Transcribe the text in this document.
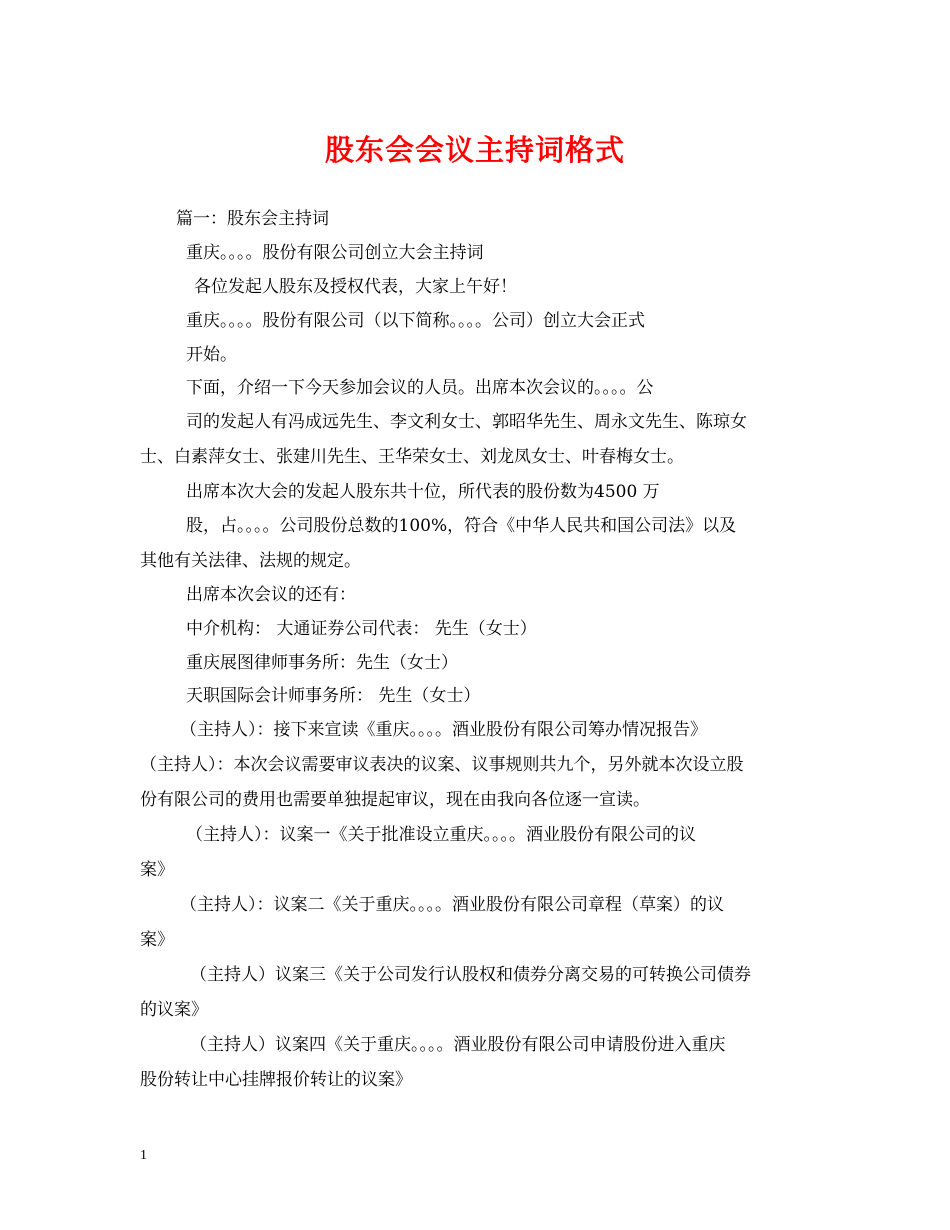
股东会会议主持词格式
篇一：股东会主持词
重庆。。。。股份有限公司创立大会主持词
各位发起人股东及授权代表，大家上午好！
重庆。。。。股份有限公司（以下简称。。。。公司）创立大会正式
开始。
下面，介绍一下今天参加会议的人员。出席本次会议的。。。。公
司的发起人有冯成远先生、李文利女士、郭昭华先生、周永文先生、陈琼女
士、白素萍女士、张建川先生、王华荣女士、刘龙凤女士、叶春梅女士。
出席本次大会的发起人股东共十位，所代表的股份数为4500 万
股，占。。。。公司股份总数的100%，符合《中华人民共和国公司法》以及
其他有关法律、法规的规定。
出席本次会议的还有：
中介机构： 大通证券公司代表： 先生（女士）
重庆展图律师事务所：先生（女士）
天职国际会计师事务所： 先生（女士）
（主持人）：接下来宣读《重庆。。。。酒业股份有限公司筹办情况报告》
（主持人）：本次会议需要审议表决的议案、议事规则共九个，另外就本次设立股
份有限公司的费用也需要单独提起审议，现在由我向各位逐一宣读。
（主持人）：议案一《关于批准设立重庆。。。。酒业股份有限公司的议
案》
（主持人）：议案二《关于重庆。。。。酒业股份有限公司章程（草案）的议
案》
（主持人）议案三《关于公司发行认股权和债券分离交易的可转换公司债券
的议案》
（主持人）议案四《关于重庆。。。。酒业股份有限公司申请股份进入重庆
股份转让中心挂牌报价转让的议案》
1
